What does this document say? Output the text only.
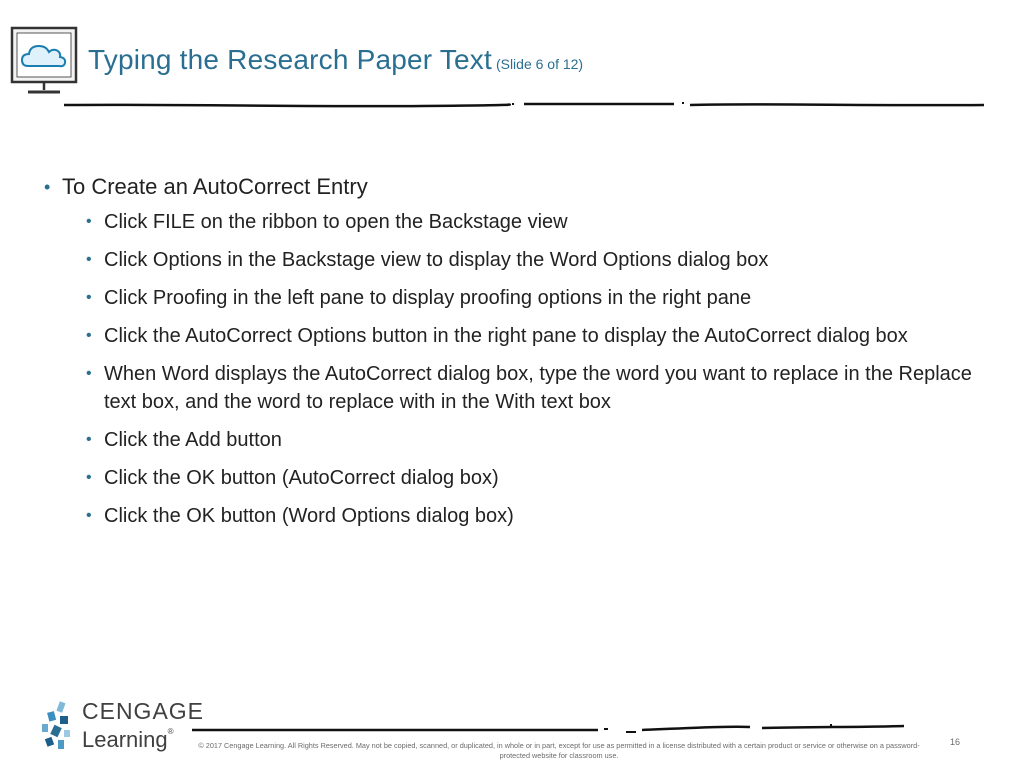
Typing the Research Paper Text (Slide 6 of 12)
• To Create an AutoCorrect Entry
• Click FILE on the ribbon to open the Backstage view
• Click Options in the Backstage view to display the Word Options dialog box
• Click Proofing in the left pane to display proofing options in the right pane
• Click the AutoCorrect Options button in the right pane to display the AutoCorrect dialog box
• When Word displays the AutoCorrect dialog box, type the word you want to replace in the Replace text box, and the word to replace with in the With text box
• Click the Add button
• Click the OK button (AutoCorrect dialog box)
• Click the OK button (Word Options dialog box)
CENGAGE
Learning®

© 2017 Cengage Learning. All Rights Reserved. May not be copied, scanned, or duplicated, in whole or in part, except for use as permitted in a license distributed with a certain product or service or otherwise on a password-protected website for classroom use.

16
